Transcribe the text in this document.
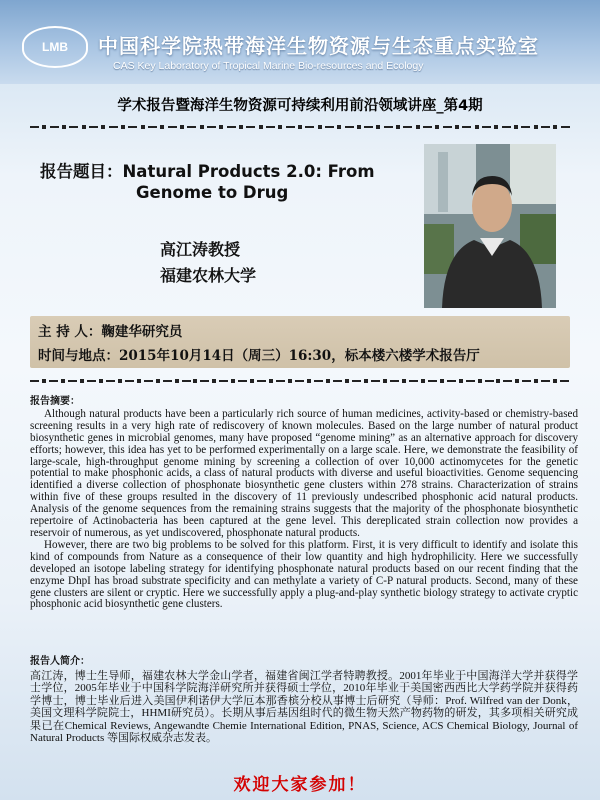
LMB 中国科学院热带海洋生物资源与生态重点实验室
CAS Key Laboratory of Tropical Marine Bio-resources and Ecology
学术报告暨海洋生物资源可持续利用前沿领域讲座_第4期
报告题目：Natural Products 2.0: From
Genome to Drug
高江涛教授
福建农林大学
主 持 人：鞠建华研究员
时间与地点：2015年10月14日（周三）16:30，标本楼六楼学术报告厅
报告摘要：

Although natural products have been a particularly rich source of human medicines, activity-based or chemistry-based screening results in a very high rate of rediscovery of known molecules. Based on the large number of natural product biosynthetic genes in microbial genomes, many have proposed “genome mining” as an alternative approach for discovery efforts; however, this idea has yet to be performed experimentally on a large scale. Here, we demonstrate the feasibility of large-scale, high-throughput genome mining by screening a collection of over 10,000 actinomycetes for the genetic potential to make phosphonic acids, a class of natural products with diverse and useful bioactivities. Genome sequencing identified a diverse collection of phosphonate biosynthetic gene clusters within 278 strains. Characterization of strains within five of these groups resulted in the discovery of 11 previously undescribed phosphonic acid natural products. Analysis of the genome sequences from the remaining strains suggests that the majority of the phosphonate biosynthetic repertoire of Actinobacteria has been captured at the gene level. This dereplicated strain collection now provides a reservoir of numerous, as yet undiscovered, phosphonate natural products.

However, there are two big problems to be solved for this platform. First, it is very difficult to identify and isolate this kind of compounds from Nature as a consequence of their low quantity and high hydrophilicity. Here we successfully developed an isotope labeling strategy for identifying phosphonate natural products based on our recent finding that the enzyme DhpI has broad substrate specificity and can methylate a variety of C-P natural products. Second, many of these gene clusters are silent or cryptic. Here we successfully apply a plug-and-play synthetic biology strategy to activate cryptic phosphonic acid biosynthetic gene clusters.

报告人简介：

高江涛，博士生导师，福建农林大学金山学者，福建省闽江学者特聘教授。2001年毕业于中国海洋大学并获得学士学位，2005年毕业于中国科学院海洋研究所并获得硕士学位，2010年毕业于美国密西西比大学药学院并获得药学博士，博士毕业后进入美国伊利诺伊大学厄本那香槟分校从事博士后研究（导师：Prof. Wilfred van der Donk，美国文理科学院院士，HHMI研究员）。长期从事后基因组时代的微生物天然产物药物的研发，其多项相关研究成果已在Chemical Reviews, Angewandte Chemie International Edition, PNAS, Science, ACS Chemical Biology, Journal of Natural Products 等国际权威杂志发表。

欢迎大家参加！
